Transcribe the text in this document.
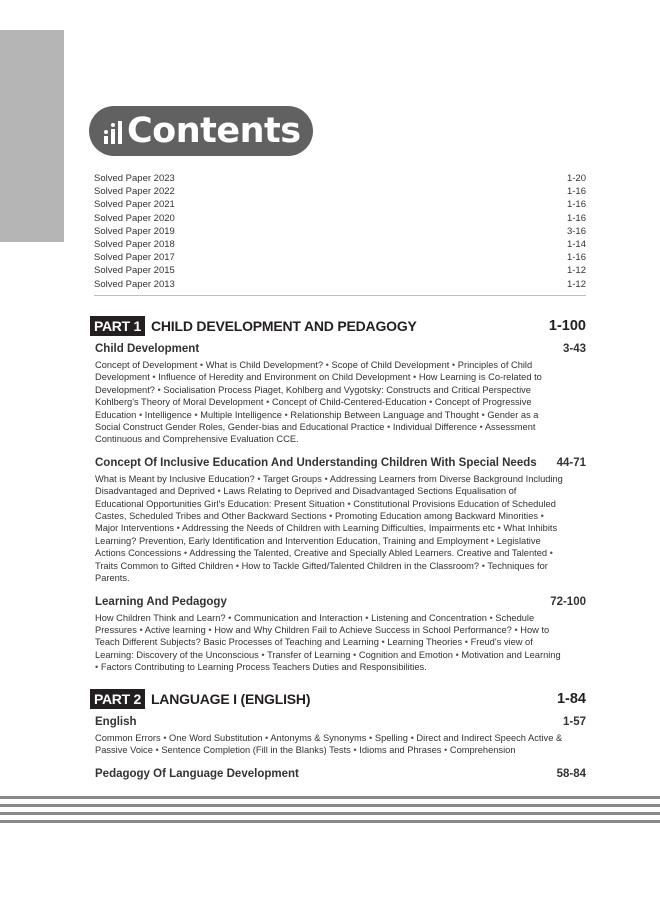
Contents
Solved Paper 2023	1-20
Solved Paper 2022	1-16
Solved Paper 2021	1-16
Solved Paper 2020	1-16
Solved Paper 2019	3-16
Solved Paper 2018	1-14
Solved Paper 2017	1-16
Solved Paper 2015	1-12
Solved Paper 2013	1-12
PART 1 CHILD DEVELOPMENT AND PEDAGOGY	1-100
Child Development	3-43
Concept of Development • What is Child Development? • Scope of Child Development • Principles of Child Development • Influence of Heredity and Environment on Child Development • How Learning is Co-related to Development? • Socialisation Process Piaget, Kohlberg and Vygotsky: Constructs and Critical Perspective Kohlberg's Theory of Moral Development • Concept of Child-Centered-Education • Concept of Progressive Education • Intelligence • Multiple Intelligence • Relationship Between Language and Thought • Gender as a Social Construct Gender Roles, Gender-bias and Educational Practice • Individual Difference • Assessment Continuous and Comprehensive Evaluation CCE.
Concept Of Inclusive Education And Understanding Children With Special Needs 44-71
What is Meant by Inclusive Education? • Target Groups • Addressing Learners from Diverse Background Including Disadvantaged and Deprived • Laws Relating to Deprived and Disadvantaged Sections Equalisation of Educational Opportunities Girl's Education: Present Situation • Constitutional Provisions Education of Scheduled Castes, Scheduled Tribes and Other Backward Sections • Promoting Education among Backward Minorities • Major Interventions • Addressing the Needs of Children with Learning Difficulties, Impairments etc • What Inhibits Learning? Prevention, Early Identification and Intervention Education, Training and Employment • Legislative Actions Concessions • Addressing the Talented, Creative and Specially Abled Learners. Creative and Talented • Traits Common to Gifted Children • How to Tackle Gifted/Talented Children in the Classroom? • Techniques for Parents.
Learning And Pedagogy	72-100
How Children Think and Learn? • Communication and Interaction • Listening and Concentration • Schedule Pressures • Active learning • How and Why Children Fail to Achieve Success in School Performance? • How to Teach Different Subjects? Basic Processes of Teaching and Learning • Learning Theories • Freud's view of Learning: Discovery of the Unconscious • Transfer of Learning • Cognition and Emotion • Motivation and Learning • Factors Contributing to Learning Process Teachers Duties and Responsibilities.
PART 2 LANGUAGE I (ENGLISH)	1-84
English	1-57
Common Errors • One Word Substitution • Antonyms & Synonyms • Spelling • Direct and Indirect Speech Active & Passive Voice • Sentence Completion (Fill in the Blanks) Tests • Idioms and Phrases • Comprehension
Pedagogy Of Language Development	58-84
